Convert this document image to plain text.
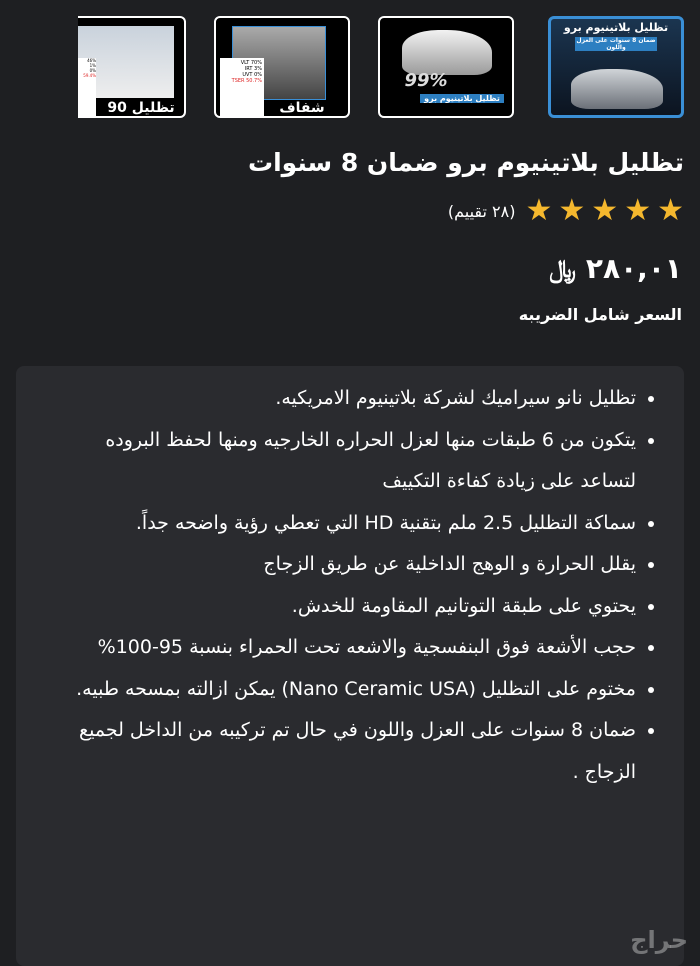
تظليل بلاتينيوم برو
ضمان 8 سنوات على العزل واللون
99%
تظليل بلاتينيوم برو
VLT 70%
IRT 3%
UVT 0%
TSER 50.7%
شفاف
46%
1%
0%
59.4%
تظليل 90
تظليل بلاتينيوم برو ضمان 8 سنوات
★
★
★
★
★
(٢٨ تقييم)
٢٨٠,٠١
﷼
السعر شامل الضريبه
• تظليل نانو سيراميك لشركة بلاتينيوم الامريكيه.
• يتكون من 6 طبقات منها لعزل الحراره الخارجيه ومنها لحفظ البروده لتساعد على زيادة كفاءة التكييف
• سماكة التظليل 2.5 ملم بتقنية HD التي تعطي رؤية واضحه جداً.
• يقلل الحرارة و الوهج الداخلية عن طريق الزجاج
• يحتوي على طبقة التوتانيم المقاومة للخدش.
• حجب الأشعة فوق البنفسجية والاشعه تحت الحمراء بنسبة 95-100%
• مختوم على التظليل (Nano Ceramic USA) يمكن ازالته بمسحه طبيه.
• ضمان 8 سنوات على العزل واللون في حال تم تركيبه من الداخل لجميع الزجاج .
حراج
